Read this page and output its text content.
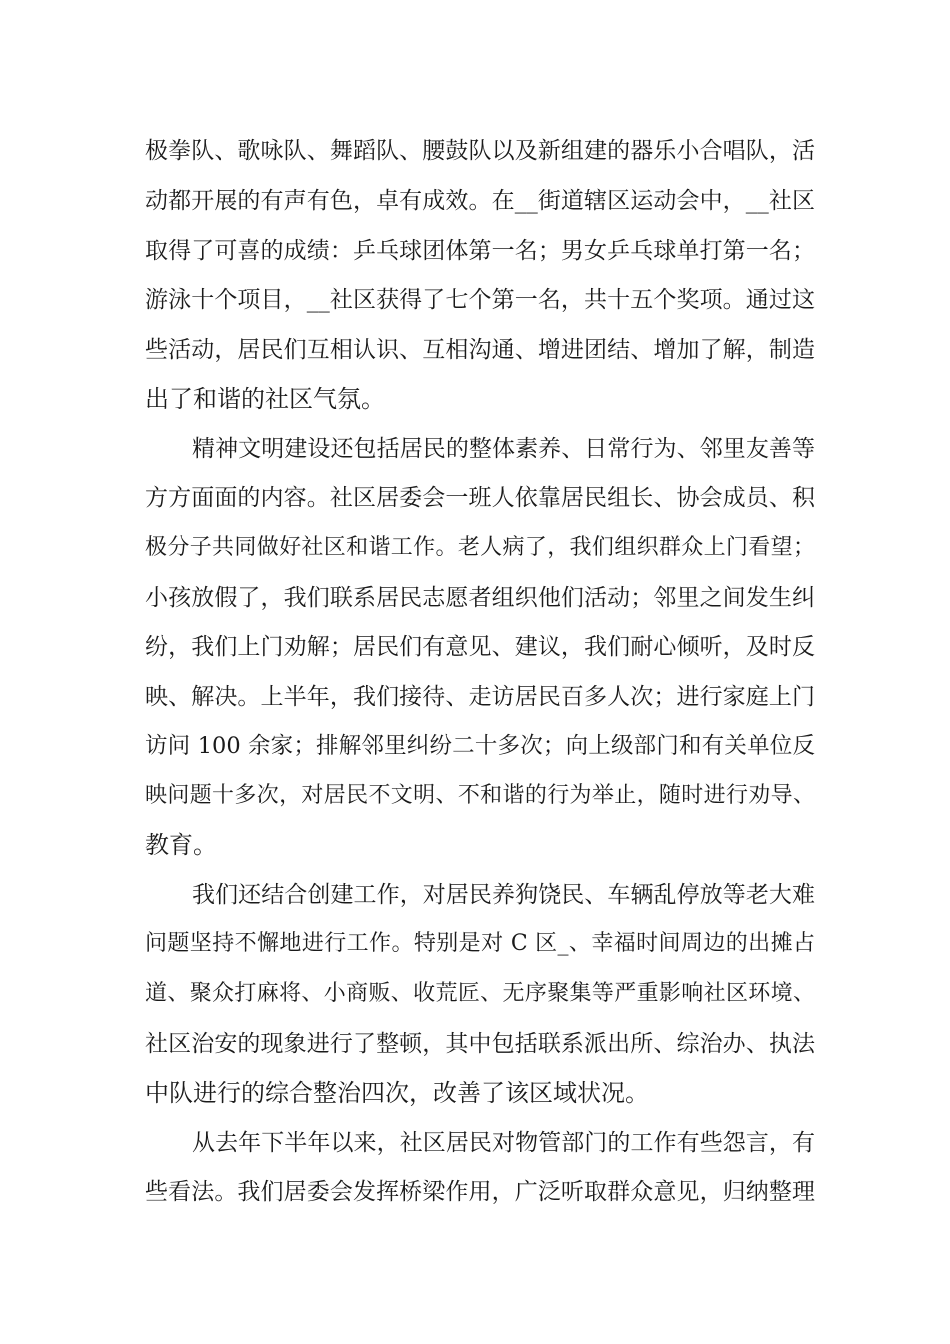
极拳队、歌咏队、舞蹈队、腰鼓队以及新组建的器乐小合唱队，活
动都开展的有声有色，卓有成效。在__街道辖区运动会中，__社区
取得了可喜的成绩：乒乓球团体第一名；男女乒乓球单打第一名；
游泳十个项目，__社区获得了七个第一名，共十五个奖项。通过这
些活动，居民们互相认识、互相沟通、增进团结、增加了解，制造
出了和谐的社区气氛。
精神文明建设还包括居民的整体素养、日常行为、邻里友善等
方方面面的内容。社区居委会一班人依靠居民组长、协会成员、积
极分子共同做好社区和谐工作。老人病了，我们组织群众上门看望；
小孩放假了，我们联系居民志愿者组织他们活动；邻里之间发生纠
纷，我们上门劝解；居民们有意见、建议，我们耐心倾听，及时反
映、解决。上半年，我们接待、走访居民百多人次；进行家庭上门
访问 100 余家；排解邻里纠纷二十多次；向上级部门和有关单位反
映问题十多次，对居民不文明、不和谐的行为举止，随时进行劝导、
教育。
我们还结合创建工作，对居民养狗饶民、车辆乱停放等老大难
问题坚持不懈地进行工作。特别是对 C 区_、幸福时间周边的出摊占
道、聚众打麻将、小商贩、收荒匠、无序聚集等严重影响社区环境、
社区治安的现象进行了整顿，其中包括联系派出所、综治办、执法
中队进行的综合整治四次，改善了该区域状况。
从去年下半年以来，社区居民对物管部门的工作有些怨言，有
些看法。我们居委会发挥桥梁作用，广泛听取群众意见，归纳整理
